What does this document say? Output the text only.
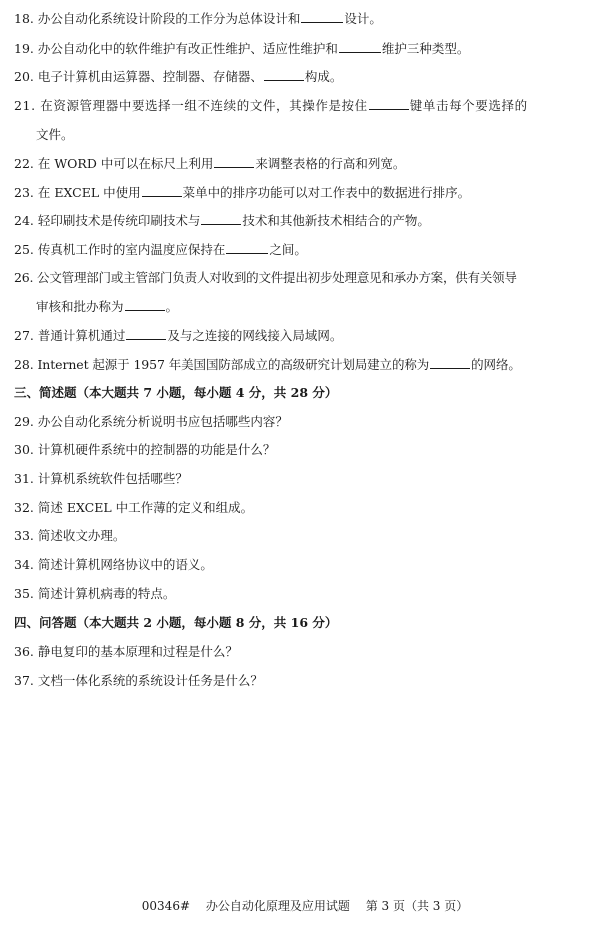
18. 办公自动化系统设计阶段的工作分为总体设计和	设计。
19. 办公自动化中的软件维护有改正性维护、适应性维护和	维护三种类型。
20. 电子计算机由运算器、控制器、存储器、	构成。
21. 在资源管理器中要选择一组不连续的文件，其操作是按住	键单击每个要选择的
文件。
22. 在 WORD 中可以在标尺上利用	来调整表格的行高和列宽。
23. 在 EXCEL 中使用	菜单中的排序功能可以对工作表中的数据进行排序。
24. 轻印刷技术是传统印刷技术与	技术和其他新技术相结合的产物。
25. 传真机工作时的室内温度应保持在	之间。
26. 公文管理部门或主管部门负责人对收到的文件提出初步处理意见和承办方案，供有关领导
审核和批办称为	。
27. 普通计算机通过	及与之连接的网线接入局域网。
28. Internet 起源于 1957 年美国国防部成立的高级研究计划局建立的称为	的网络。
三、简述题（本大题共 7 小题，每小题 4 分，共 28 分）
29. 办公自动化系统分析说明书应包括哪些内容？
30. 计算机硬件系统中的控制器的功能是什么？
31. 计算机系统软件包括哪些？
32. 简述 EXCEL 中工作薄的定义和组成。
33. 简述收文办理。
34. 简述计算机网络协议中的语义。
35. 简述计算机病毒的特点。
四、问答题（本大题共 2 小题，每小题 8 分，共 16 分）
36. 静电复印的基本原理和过程是什么？
37. 文档一体化系统的系统设计任务是什么？
00346# 办公自动化原理及应用试题 第 3 页（共 3 页）
